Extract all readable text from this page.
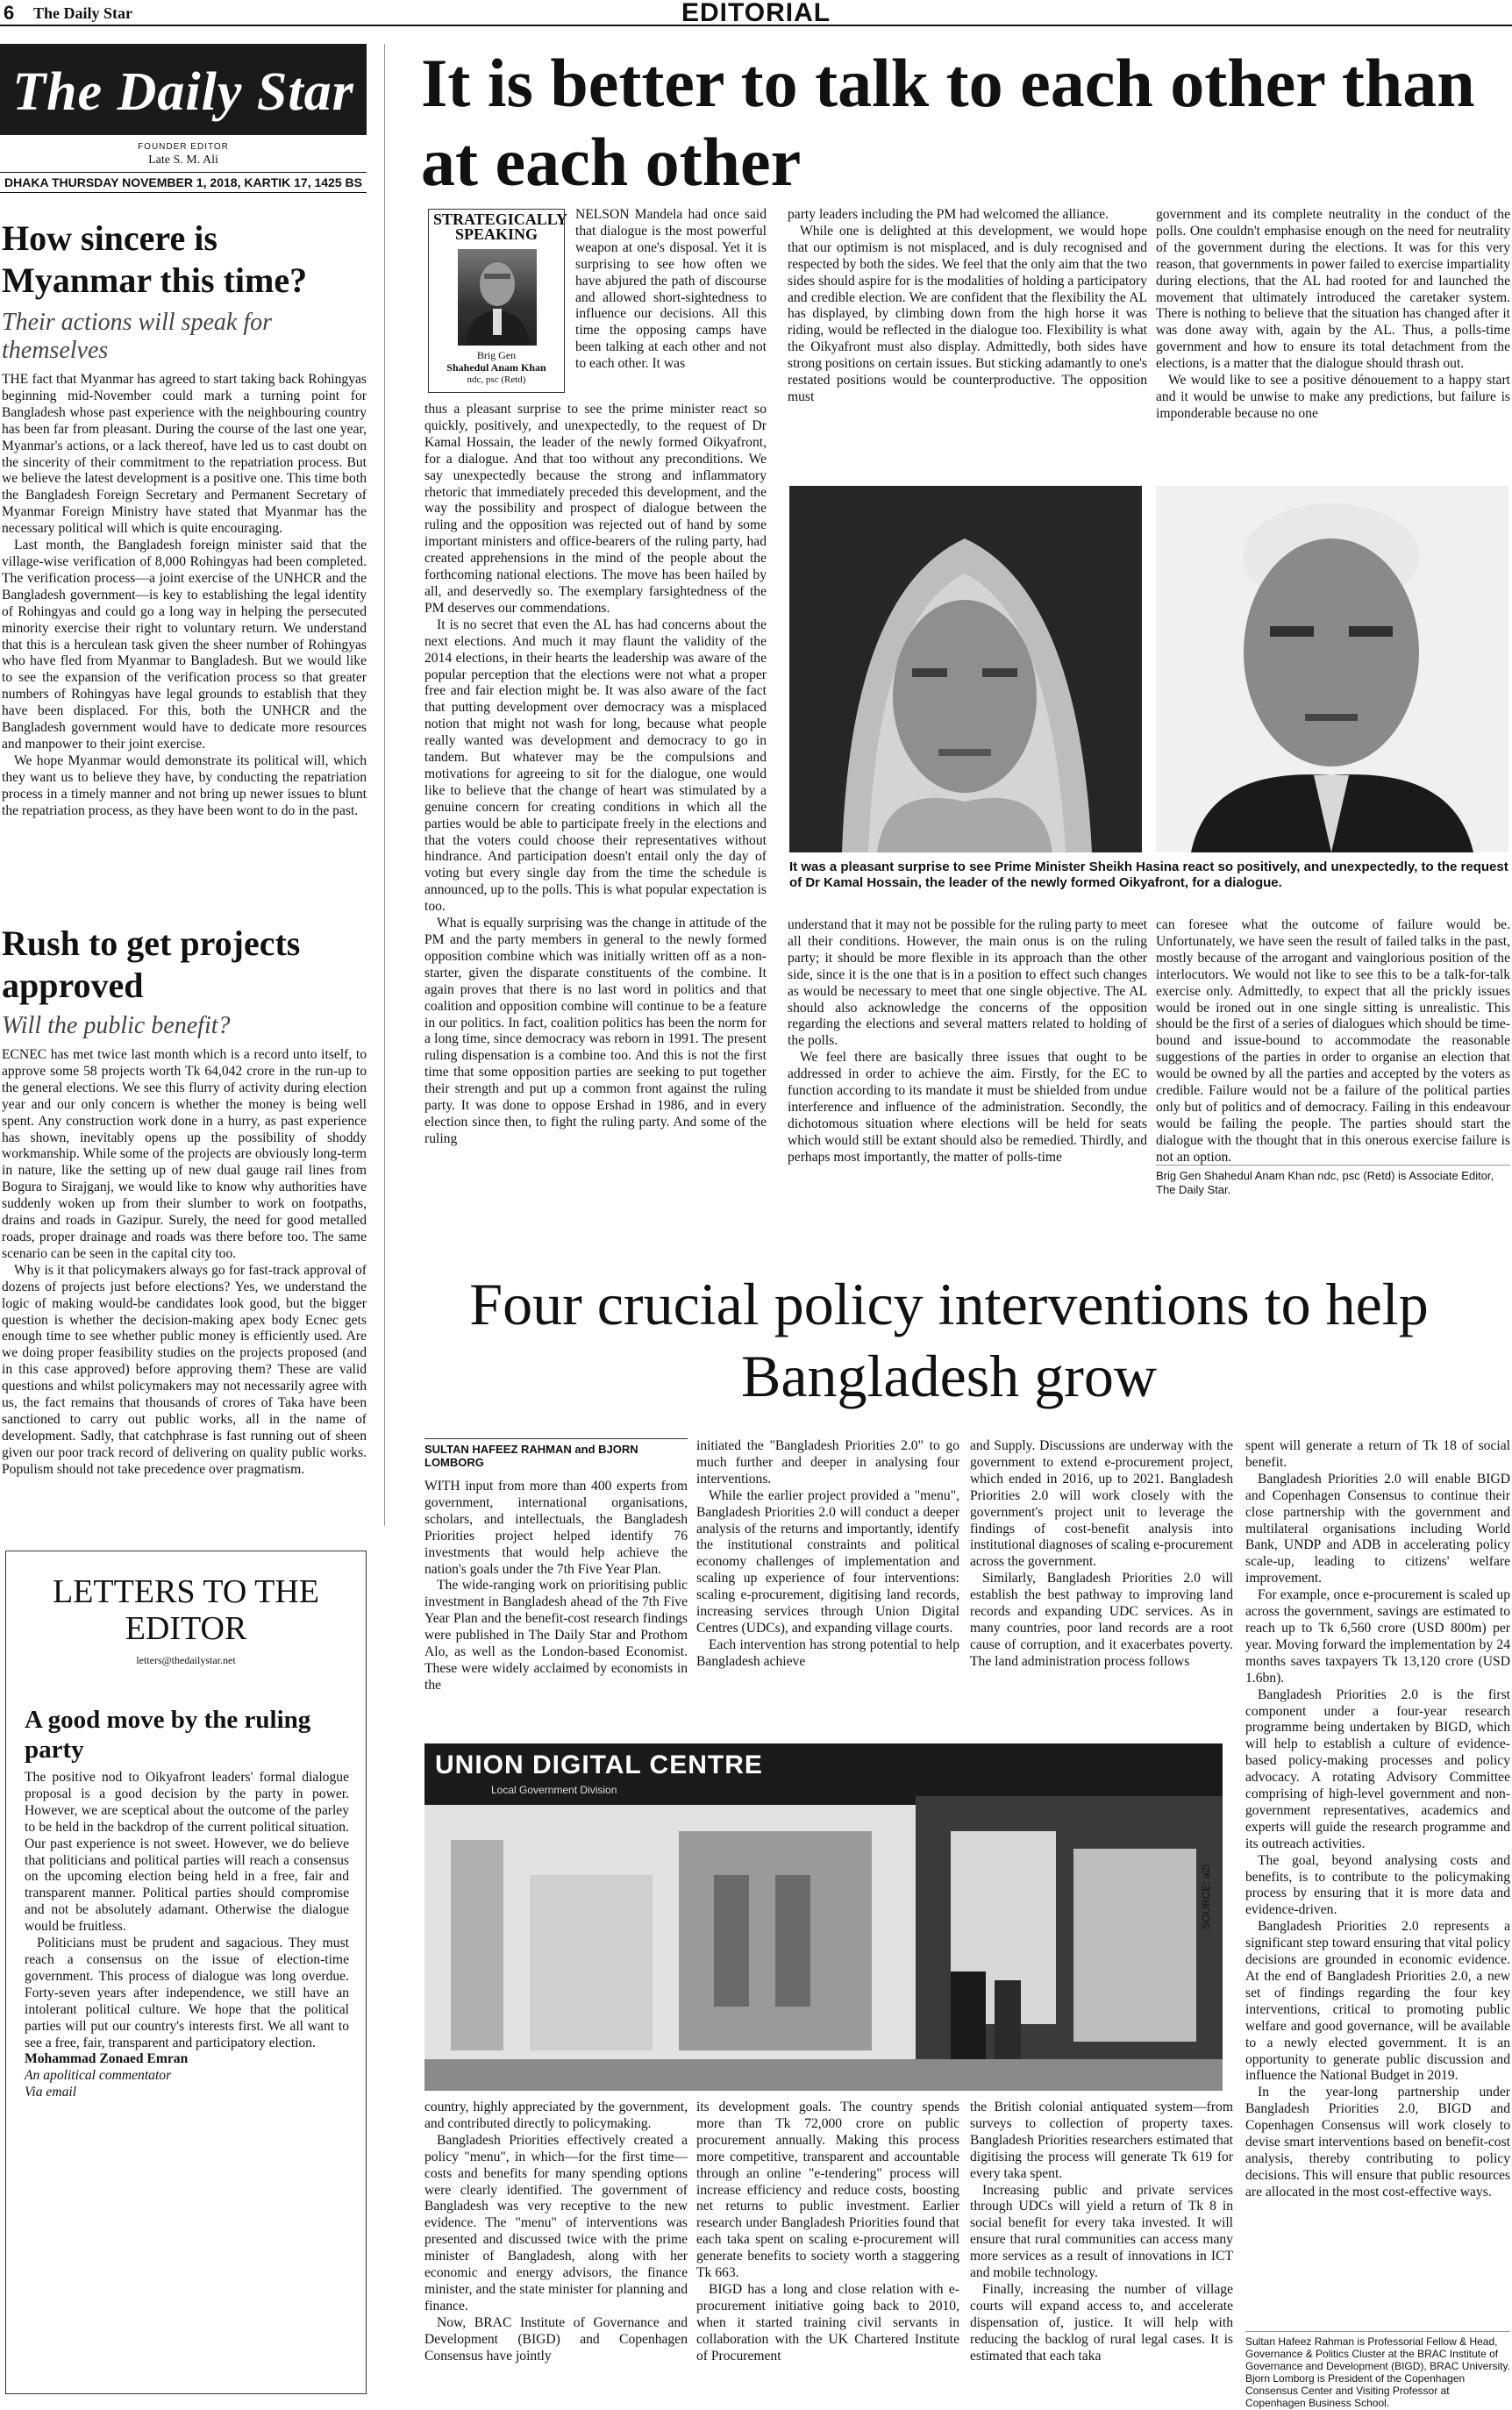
6 The Daily Star	EDITORIAL
The Daily Star
FOUNDER EDITOR
Late S. M. Ali
DHAKA THURSDAY NOVEMBER 1, 2018, KARTIK 17, 1425 BS
How sincere is Myanmar this time?
Their actions will speak for themselves

THE fact that Myanmar has agreed to start taking back Rohingyas beginning mid-November could mark a turning point for Bangladesh whose past experience with the neighbouring country has been far from pleasant. During the course of the last one year, Myanmar's actions, or a lack thereof, have led us to cast doubt on the sincerity of their commitment to the repatriation process. But we believe the latest development is a positive one. This time both the Bangladesh Foreign Secretary and Permanent Secretary of Myanmar Foreign Ministry have stated that Myanmar has the necessary political will which is quite encouraging.

Last month, the Bangladesh foreign minister said that the village-wise verification of 8,000 Rohingyas had been completed. The verification process—a joint exercise of the UNHCR and the Bangladesh government—is key to establishing the legal identity of Rohingyas and could go a long way in helping the persecuted minority exercise their right to voluntary return. We understand that this is a herculean task given the sheer number of Rohingyas who have fled from Myanmar to Bangladesh. But we would like to see the expansion of the verification process so that greater numbers of Rohingyas have legal grounds to establish that they have been displaced. For this, both the UNHCR and the Bangladesh government would have to dedicate more resources and manpower to their joint exercise.

We hope Myanmar would demonstrate its political will, which they want us to believe they have, by conducting the repatriation process in a timely manner and not bring up newer issues to blunt the repatriation process, as they have been wont to do in the past.

Rush to get projects approved
Will the public benefit?

ECNEC has met twice last month which is a record unto itself, to approve some 58 projects worth Tk 64,042 crore in the run-up to the general elections. We see this flurry of activity during election year and our only concern is whether the money is being well spent. Any construction work done in a hurry, as past experience has shown, inevitably opens up the possibility of shoddy workmanship. While some of the projects are obviously long-term in nature, like the setting up of new dual gauge rail lines from Bogura to Sirajganj, we would like to know why authorities have suddenly woken up from their slumber to work on footpaths, drains and roads in Gazipur. Surely, the need for good metalled roads, proper drainage and roads was there before too. The same scenario can be seen in the capital city too.

Why is it that policymakers always go for fast-track approval of dozens of projects just before elections? Yes, we understand the logic of making would-be candidates look good, but the bigger question is whether the decision-making apex body Ecnec gets enough time to see whether public money is efficiently used. Are we doing proper feasibility studies on the projects proposed (and in this case approved) before approving them? These are valid questions and whilst policymakers may not necessarily agree with us, the fact remains that thousands of crores of Taka have been sanctioned to carry out public works, all in the name of development. Sadly, that catchphrase is fast running out of sheen given our poor track record of delivering on quality public works. Populism should not take precedence over pragmatism.

LETTERS TO THE EDITOR
letters@thedailystar.net
A good move by the ruling party

The positive nod to Oikyafront leaders' formal dialogue proposal is a good decision by the party in power. However, we are sceptical about the outcome of the parley to be held in the backdrop of the current political situation. Our past experience is not sweet. However, we do believe that politicians and political parties will reach a consensus on the upcoming election being held in a free, fair and transparent manner. Political parties should compromise and not be absolutely adamant. Otherwise the dialogue would be fruitless.

Politicians must be prudent and sagacious. They must reach a consensus on the issue of election-time government. This process of dialogue was long overdue. Forty-seven years after independence, we still have an intolerant political culture. We hope that the political parties will put our country's interests first. We all want to see a free, fair, transparent and participatory election.

Mohammad Zonaed Emran

An apolitical commentator

Via email

It is better to talk to each other than at each other
STRATEGICALLY SPEAKING
Brig Gen
Shahedul Anam Khan
ndc, psc (Retd)

NELSON Mandela had once said that dialogue is the most powerful weapon at one's disposal. Yet it is surprising to see how often we have abjured the path of discourse and allowed short-sightedness to influence our decisions. All this time the opposing camps have been talking at each other and not to each other. It was

thus a pleasant surprise to see the prime minister react so quickly, positively, and unexpectedly, to the request of Dr Kamal Hossain, the leader of the newly formed Oikyafront, for a dialogue. And that too without any preconditions. We say unexpectedly because the strong and inflammatory rhetoric that immediately preceded this development, and the way the possibility and prospect of dialogue between the ruling and the opposition was rejected out of hand by some important ministers and office-bearers of the ruling party, had created apprehensions in the mind of the people about the forthcoming national elections. The move has been hailed by all, and deservedly so. The exemplary farsightedness of the PM deserves our commendations.

It is no secret that even the AL has had concerns about the next elections. And much it may flaunt the validity of the 2014 elections, in their hearts the leadership was aware of the popular perception that the elections were not what a proper free and fair election might be. It was also aware of the fact that putting development over democracy was a misplaced notion that might not wash for long, because what people really wanted was development and democracy to go in tandem. But whatever may be the compulsions and motivations for agreeing to sit for the dialogue, one would like to believe that the change of heart was stimulated by a genuine concern for creating conditions in which all the parties would be able to participate freely in the elections and that the voters could choose their representatives without hindrance. And participation doesn't entail only the day of voting but every single day from the time the schedule is announced, up to the polls. This is what popular expectation is too.

What is equally surprising was the change in attitude of the PM and the party members in general to the newly formed opposition combine which was initially written off as a non-starter, given the disparate constituents of the combine. It again proves that there is no last word in politics and that coalition and opposition combine will continue to be a feature in our politics. In fact, coalition politics has been the norm for a long time, since democracy was reborn in 1991. The present ruling dispensation is a combine too. And this is not the first time that some opposition parties are seeking to put together their strength and put up a common front against the ruling party. It was done to oppose Ershad in 1986, and in every election since then, to fight the ruling party. And some of the ruling

party leaders including the PM had welcomed the alliance.

While one is delighted at this development, we would hope that our optimism is not misplaced, and is duly recognised and respected by both the sides. We feel that the only aim that the two sides should aspire for is the modalities of holding a participatory and credible election. We are confident that the flexibility the AL has displayed, by climbing down from the high horse it was riding, would be reflected in the dialogue too. Flexibility is what the Oikyafront must also display. Admittedly, both sides have strong positions on certain issues. But sticking adamantly to one's restated positions would be counterproductive. The opposition must

government and its complete neutrality in the conduct of the polls. One couldn't emphasise enough on the need for neutrality of the government during the elections. It was for this very reason, that governments in power failed to exercise impartiality during elections, that the AL had rooted for and launched the movement that ultimately introduced the caretaker system. There is nothing to believe that the situation has changed after it was done away with, again by the AL. Thus, a polls-time government and how to ensure its total detachment from the elections, is a matter that the dialogue should thrash out.

We would like to see a positive dénouement to a happy start and it would be unwise to make any predictions, but failure is imponderable because no one

It was a pleasant surprise to see Prime Minister Sheikh Hasina react so positively, and unexpectedly, to the request of Dr Kamal Hossain, the leader of the newly formed Oikyafront, for a dialogue.

understand that it may not be possible for the ruling party to meet all their conditions. However, the main onus is on the ruling party; it should be more flexible in its approach than the other side, since it is the one that is in a position to effect such changes as would be necessary to meet that one single objective. The AL should also acknowledge the concerns of the opposition regarding the elections and several matters related to holding of the polls.

We feel there are basically three issues that ought to be addressed in order to achieve the aim. Firstly, for the EC to function according to its mandate it must be shielded from undue interference and influence of the administration. Secondly, the dichotomous situation where elections will be held for seats which would still be extant should also be remedied. Thirdly, and perhaps most importantly, the matter of polls-time

can foresee what the outcome of failure would be. Unfortunately, we have seen the result of failed talks in the past, mostly because of the arrogant and vainglorious position of the interlocutors. We would not like to see this to be a talk-for-talk exercise only. Admittedly, to expect that all the prickly issues would be ironed out in one single sitting is unrealistic. This should be the first of a series of dialogues which should be time-bound and issue-bound to accommodate the reasonable suggestions of the parties in order to organise an election that would be owned by all the parties and accepted by the voters as credible. Failure would not be a failure of the political parties only but of politics and of democracy. Failing in this endeavour would be failing the people. The parties should start the dialogue with the thought that in this onerous exercise failure is not an option.

Brig Gen Shahedul Anam Khan ndc, psc (Retd) is Associate Editor, The Daily Star.
Four crucial policy interventions to help Bangladesh grow
SULTAN HAFEEZ RAHMAN and BJORN LOMBORG

WITH input from more than 400 experts from government, international organisations, scholars, and intellectuals, the Bangladesh Priorities project helped identify 76 investments that would help achieve the nation's goals under the 7th Five Year Plan.

The wide-ranging work on prioritising public investment in Bangladesh ahead of the 7th Five Year Plan and the benefit-cost research findings were published in The Daily Star and Prothom Alo, as well as the London-based Economist. These were widely acclaimed by economists in the

initiated the "Bangladesh Priorities 2.0" to go much further and deeper in analysing four interventions.

While the earlier project provided a "menu", Bangladesh Priorities 2.0 will conduct a deeper analysis of the returns and importantly, identify the institutional constraints and political economy challenges of implementation and scaling up experience of four interventions: scaling e-procurement, digitising land records, increasing services through Union Digital Centres (UDCs), and expanding village courts.

Each intervention has strong potential to help Bangladesh achieve

and Supply. Discussions are underway with the government to extend e-procurement project, which ended in 2016, up to 2021. Bangladesh Priorities 2.0 will work closely with the government's project unit to leverage the findings of cost-benefit analysis into institutional diagnoses of scaling e-procurement across the government.

Similarly, Bangladesh Priorities 2.0 will establish the best pathway to improving land records and expanding UDC services. As in many countries, poor land records are a root cause of corruption, and it exacerbates poverty. The land administration process follows

spent will generate a return of Tk 18 of social benefit.

Bangladesh Priorities 2.0 will enable BIGD and Copenhagen Consensus to continue their close partnership with the government and multilateral organisations including World Bank, UNDP and ADB in accelerating policy scale-up, leading to citizens' welfare improvement.

For example, once e-procurement is scaled up across the government, savings are estimated to reach up to Tk 6,560 crore (USD 800m) per year. Moving forward the implementation by 24 months saves taxpayers Tk 13,120 crore (USD 1.6bn).

Bangladesh Priorities 2.0 is the first component under a four-year research programme being undertaken by BIGD, which will help to establish a culture of evidence-based policy-making processes and policy advocacy. A rotating Advisory Committee comprising of high-level government and non-government representatives, academics and experts will guide the research programme and its outreach activities.

The goal, beyond analysing costs and benefits, is to contribute to the policymaking process by ensuring that it is more data and evidence-driven.

Bangladesh Priorities 2.0 represents a significant step toward ensuring that vital policy decisions are grounded in economic evidence. At the end of Bangladesh Priorities 2.0, a new set of findings regarding the four key interventions, critical to promoting public welfare and good governance, will be available to a newly elected government. It is an opportunity to generate public discussion and influence the National Budget in 2019.

In the year-long partnership under Bangladesh Priorities 2.0, BIGD and Copenhagen Consensus will work closely to devise smart interventions based on benefit-cost analysis, thereby contributing to policy decisions. This will ensure that public resources are allocated in the most cost-effective ways.

UNION DIGITAL CENTRE
Local Government Division
SOURCE: a2i

country, highly appreciated by the government, and contributed directly to policymaking.

Bangladesh Priorities effectively created a policy "menu", in which—for the first time—costs and benefits for many spending options were clearly identified. The government of Bangladesh was very receptive to the new evidence. The "menu" of interventions was presented and discussed twice with the prime minister of Bangladesh, along with her economic and energy advisors, the finance minister, and the state minister for planning and finance.

Now, BRAC Institute of Governance and Development (BIGD) and Copenhagen Consensus have jointly

its development goals. The country spends more than Tk 72,000 crore on public procurement annually. Making this process more competitive, transparent and accountable through an online "e-tendering" process will increase efficiency and reduce costs, boosting net returns to public investment. Earlier research under Bangladesh Priorities found that each taka spent on scaling e-procurement will generate benefits to society worth a staggering Tk 663.

BIGD has a long and close relation with e-procurement initiative going back to 2010, when it started training civil servants in collaboration with the UK Chartered Institute of Procurement

the British colonial antiquated system—from surveys to collection of property taxes. Bangladesh Priorities researchers estimated that digitising the process will generate Tk 619 for every taka spent.

Increasing public and private services through UDCs will yield a return of Tk 8 in social benefit for every taka invested. It will ensure that rural communities can access many more services as a result of innovations in ICT and mobile technology.

Finally, increasing the number of village courts will expand access to, and accelerate dispensation of, justice. It will help with reducing the backlog of rural legal cases. It is estimated that each taka

Sultan Hafeez Rahman is Professorial Fellow & Head, Governance & Politics Cluster at the BRAC Institute of Governance and Development (BIGD), BRAC University. Bjorn Lomborg is President of the Copenhagen Consensus Center and Visiting Professor at Copenhagen Business School.
